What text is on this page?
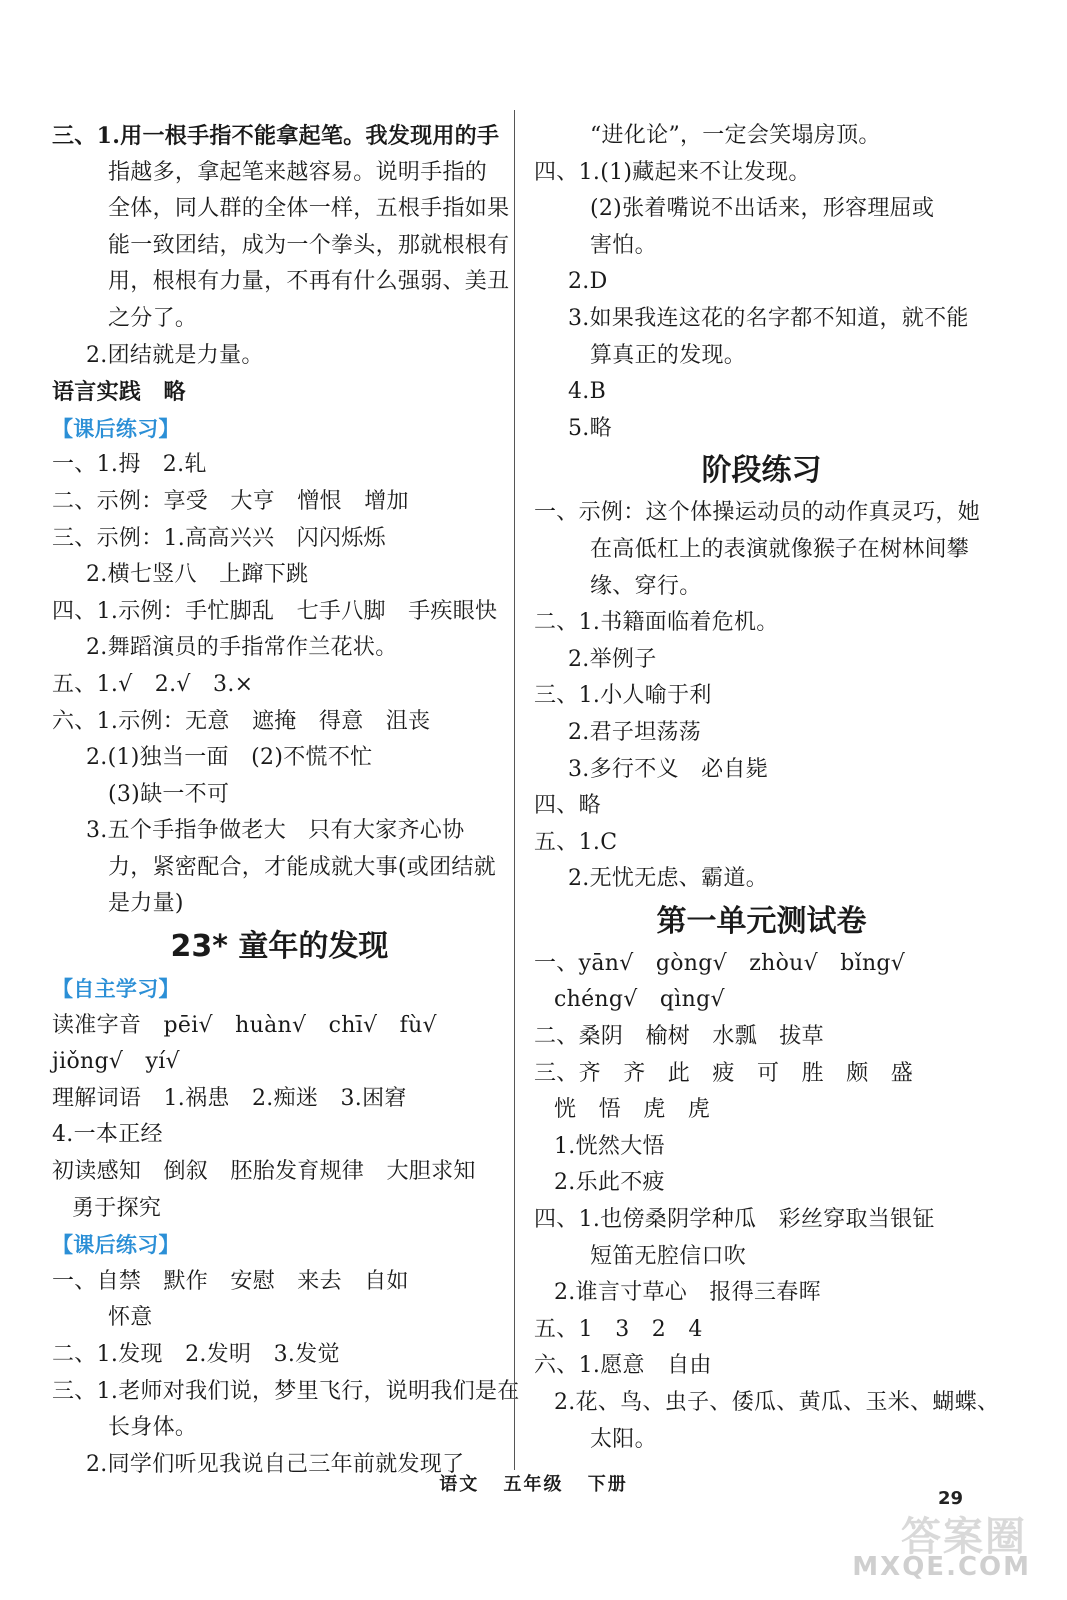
三、1.用一根手指不能拿起笔。我发现用的手
指越多，拿起笔来越容易。说明手指的
全体，同人群的全体一样，五根手指如果
能一致团结，成为一个拳头，那就根根有
用，根根有力量，不再有什么强弱、美丑
之分了。
2.团结就是力量。
语言实践　略
【课后练习】
一、1.拇　2.轧
二、示例：享受　大亨　憎恨　增加
三、示例：1.高高兴兴　闪闪烁烁
2.横七竖八　上蹿下跳
四、1.示例：手忙脚乱　七手八脚　手疾眼快
2.舞蹈演员的手指常作兰花状。
五、1.√　2.√　3.×
六、1.示例：无意　遮掩　得意　沮丧
2.(1)独当一面　(2)不慌不忙
(3)缺一不可
3.五个手指争做老大　只有大家齐心协
力，紧密配合，才能成就大事(或团结就
是力量)
23* 童年的发现
【自主学习】
读准字音　pēi√　huàn√　chī√　fù√
jiǒng√　yí√
理解词语　1.祸患　2.痴迷　3.困窘
4.一本正经
初读感知　倒叙　胚胎发育规律　大胆求知
勇于探究
【课后练习】
一、自禁　默作　安慰　来去　自如
怀意
二、1.发现　2.发明　3.发觉
三、1.老师对我们说，梦里飞行，说明我们是在
长身体。
2.同学们听见我说自己三年前就发现了
“进化论”，一定会笑塌房顶。
四、1.(1)藏起来不让发现。
(2)张着嘴说不出话来，形容理屈或
害怕。
2.D
3.如果我连这花的名字都不知道，就不能
算真正的发现。
4.B
5.略
阶段练习
一、示例：这个体操运动员的动作真灵巧，她
在高低杠上的表演就像猴子在树林间攀
缘、穿行。
二、1.书籍面临着危机。
2.举例子
三、1.小人喻于利
2.君子坦荡荡
3.多行不义　必自毙
四、略
五、1.C
2.无忧无虑、霸道。
第一单元测试卷
一、yān√　gòng√　zhòu√　bǐng√
chéng√　qìng√
二、桑阴　榆树　水瓢　拔草
三、齐　齐　此　疲　可　胜　颇　盛
恍　悟　虎　虎
1.恍然大悟
2.乐此不疲
四、1.也傍桑阴学种瓜　彩丝穿取当银钲
短笛无腔信口吹
2.谁言寸草心　报得三春晖
五、1　3　2　4
六、1.愿意　自由
2.花、鸟、虫子、倭瓜、黄瓜、玉米、蝴蝶、
太阳。
语文 五年级 下册
29
答案圈
MXQE.COM
